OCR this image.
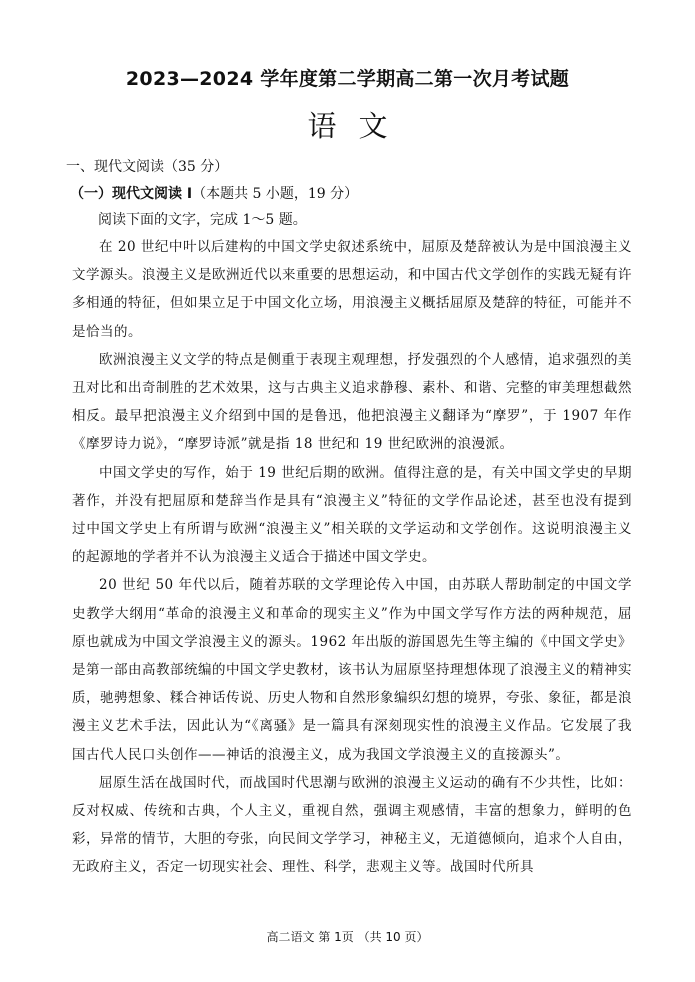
2023—2024 学年度第二学期高二第一次月考试题
语文
一、现代文阅读（35 分）
（一）现代文阅读 I（本题共 5 小题，19 分）
阅读下面的文字，完成 1～5 题。

在 20 世纪中叶以后建构的中国文学史叙述系统中，屈原及楚辞被认为是中国浪漫主义文学源头。浪漫主义是欧洲近代以来重要的思想运动，和中国古代文学创作的实践无疑有许多相通的特征，但如果立足于中国文化立场，用浪漫主义概括屈原及楚辞的特征，可能并不是恰当的。

欧洲浪漫主义文学的特点是侧重于表现主观理想，抒发强烈的个人感情，追求强烈的美丑对比和出奇制胜的艺术效果，这与古典主义追求静穆、素朴、和谐、完整的审美理想截然相反。最早把浪漫主义介绍到中国的是鲁迅，他把浪漫主义翻译为“摩罗”，于 1907 年作《摩罗诗力说》，“摩罗诗派”就是指 18 世纪和 19 世纪欧洲的浪漫派。

中国文学史的写作，始于 19 世纪后期的欧洲。值得注意的是，有关中国文学史的早期著作，并没有把屈原和楚辞当作是具有“浪漫主义”特征的文学作品论述，甚至也没有提到过中国文学史上有所谓与欧洲“浪漫主义”相关联的文学运动和文学创作。这说明浪漫主义的起源地的学者并不认为浪漫主义适合于描述中国文学史。

20 世纪 50 年代以后，随着苏联的文学理论传入中国，由苏联人帮助制定的中国文学史教学大纲用“革命的浪漫主义和革命的现实主义”作为中国文学写作方法的两种规范，屈原也就成为中国文学浪漫主义的源头。1962 年出版的游国恩先生等主编的《中国文学史》是第一部由高教部统编的中国文学史教材，该书认为屈原坚持理想体现了浪漫主义的精神实质，驰骋想象、糅合神话传说、历史人物和自然形象编织幻想的境界，夸张、象征，都是浪漫主义艺术手法，因此认为“《离骚》是一篇具有深刻现实性的浪漫主义作品。它发展了我国古代人民口头创作——神话的浪漫主义，成为我国文学浪漫主义的直接源头”。

屈原生活在战国时代，而战国时代思潮与欧洲的浪漫主义运动的确有不少共性，比如：反对权威、传统和古典，个人主义，重视自然，强调主观感情，丰富的想象力，鲜明的色彩，异常的情节，大胆的夸张，向民间文学学习，神秘主义，无道德倾向，追求个人自由，无政府主义，否定一切现实社会、理性、科学，悲观主义等。战国时代所具

高二语文 第 1页 （共 10 页）
